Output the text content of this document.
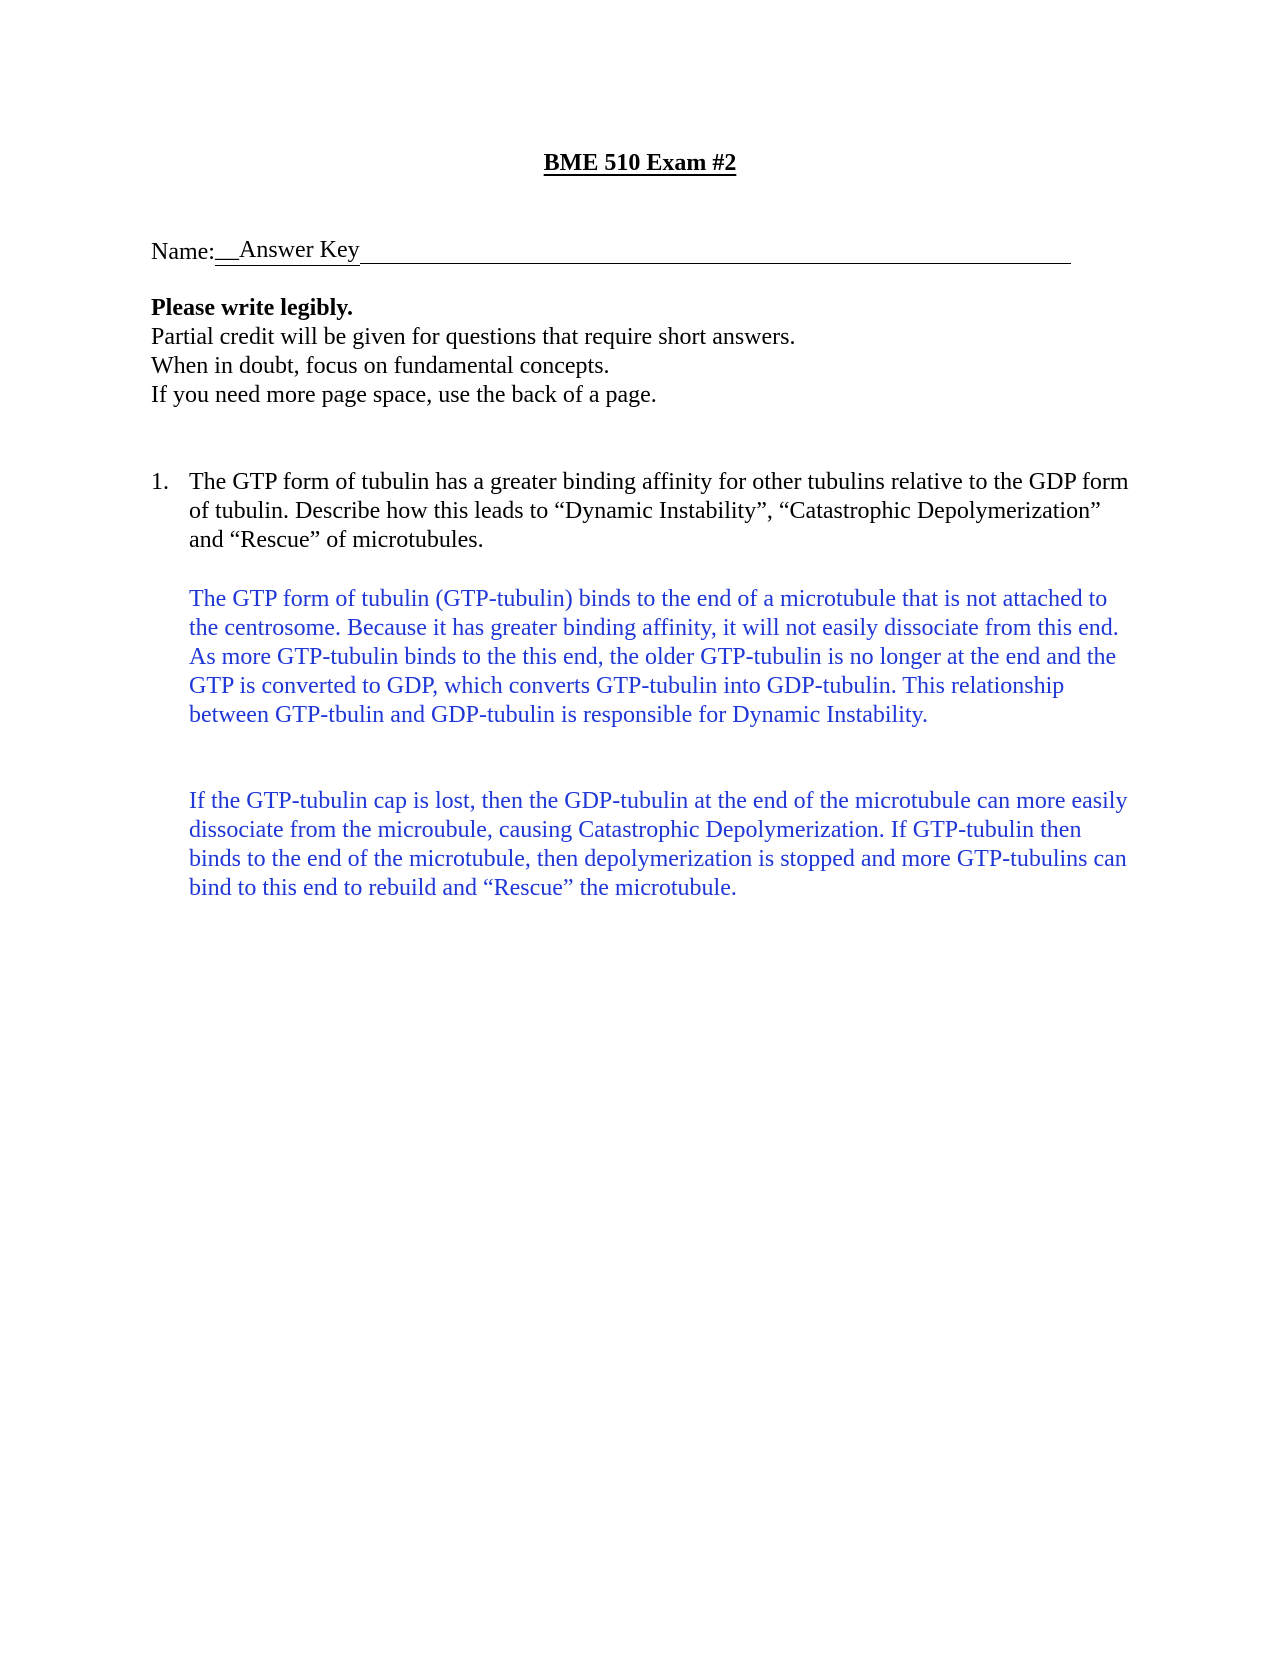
BME 510 Exam #2
Name: __Answer Key
Please write legibly.
Partial credit will be given for questions that require short answers.
When in doubt, focus on fundamental concepts.
If you need more page space, use the back of a page.
1. The GTP form of tubulin has a greater binding affinity for other tubulins relative to the GDP form of tubulin. Describe how this leads to “Dynamic Instability”, “Catastrophic Depolymerization” and “Rescue” of microtubules.
The GTP form of tubulin (GTP-tubulin) binds to the end of a microtubule that is not attached to the centrosome. Because it has greater binding affinity, it will not easily dissociate from this end. As more GTP-tubulin binds to the this end, the older GTP-tubulin is no longer at the end and the GTP is converted to GDP, which converts GTP-tubulin into GDP-tubulin. This relationship between GTP-tbulin and GDP-tubulin is responsible for Dynamic Instability.
If the GTP-tubulin cap is lost, then the GDP-tubulin at the end of the microtubule can more easily dissociate from the microubule, causing Catastrophic Depolymerization. If GTP-tubulin then binds to the end of the microtubule, then depolymerization is stopped and more GTP-tubulins can bind to this end to rebuild and “Rescue” the microtubule.
